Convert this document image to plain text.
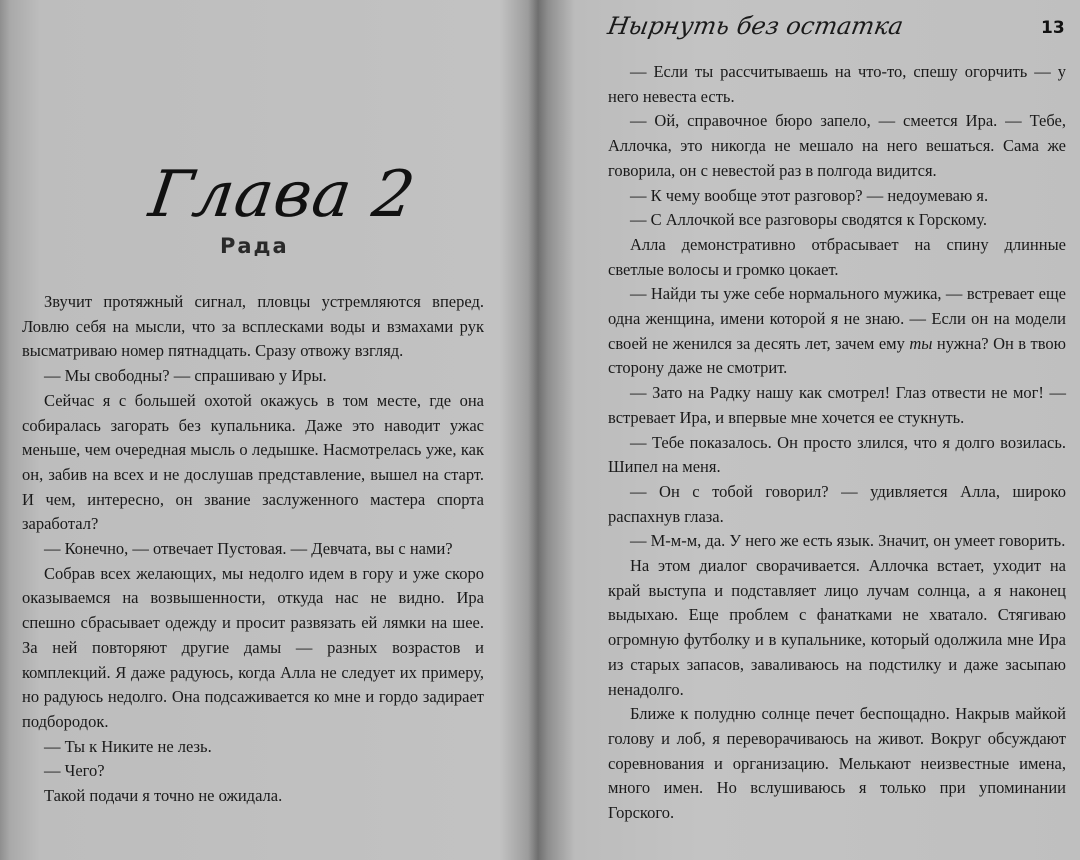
Глава 2
Рада

Звучит протяжный сигнал, пловцы устремляются вперед. Ловлю себя на мысли, что за всплесками воды и взмахами рук высматриваю номер пятнадцать. Сразу отвожу взгляд.

— Мы свободны? — спрашиваю у Иры.

Сейчас я с большей охотой окажусь в том месте, где она собиралась загорать без купальника. Даже это наводит ужас меньше, чем очередная мысль о ледышке. Насмотрелась уже, как он, забив на всех и не дослушав представление, вышел на старт. И чем, интересно, он звание заслуженного мастера спорта заработал?

— Конечно, — отвечает Пустовая. — Девчата, вы с нами?

Собрав всех желающих, мы недолго идем в гору и уже скоро оказываемся на возвышенности, откуда нас не видно. Ира спешно сбрасывает одежду и просит развязать ей лямки на шее. За ней повторяют другие дамы — разных возрастов и комплекций. Я даже радуюсь, когда Алла не следует их примеру, но радуюсь недолго. Она подсаживается ко мне и гордо задирает подбородок.

— Ты к Никите не лезь.

— Чего?

Такой подачи я точно не ожидала.

Нырнуть без остатка	13

— Если ты рассчитываешь на что-то, спешу огорчить — у него невеста есть.

— Ой, справочное бюро запело, — смеется Ира. — Тебе, Аллочка, это никогда не мешало на него вешаться. Сама же говорила, он с невестой раз в полгода видится.

— К чему вообще этот разговор? — недоумеваю я.

— С Аллочкой все разговоры сводятся к Горскому.

Алла демонстративно отбрасывает на спину длинные светлые волосы и громко цокает.

— Найди ты уже себе нормального мужика, — встревает еще одна женщина, имени которой я не знаю. — Если он на модели своей не женился за десять лет, зачем ему ты нужна? Он в твою сторону даже не смотрит.

— Зато на Радку нашу как смотрел! Глаз отвести не мог! — встревает Ира, и впервые мне хочется ее стукнуть.

— Тебе показалось. Он просто злился, что я долго возилась. Шипел на меня.

— Он с тобой говорил? — удивляется Алла, широко распахнув глаза.

— М-м-м, да. У него же есть язык. Значит, он умеет говорить.

На этом диалог сворачивается. Аллочка встает, уходит на край выступа и подставляет лицо лучам солнца, а я наконец выдыхаю. Еще проблем с фанатками не хватало. Стягиваю огромную футболку и в купальнике, который одолжила мне Ира из старых запасов, заваливаюсь на подстилку и даже засыпаю ненадолго.

Ближе к полудню солнце печет беспощадно. Накрыв майкой голову и лоб, я переворачиваюсь на живот. Вокруг обсуждают соревнования и организацию. Мелькают неизвестные имена, много имен. Но вслушиваюсь я только при упоминании Горского.
